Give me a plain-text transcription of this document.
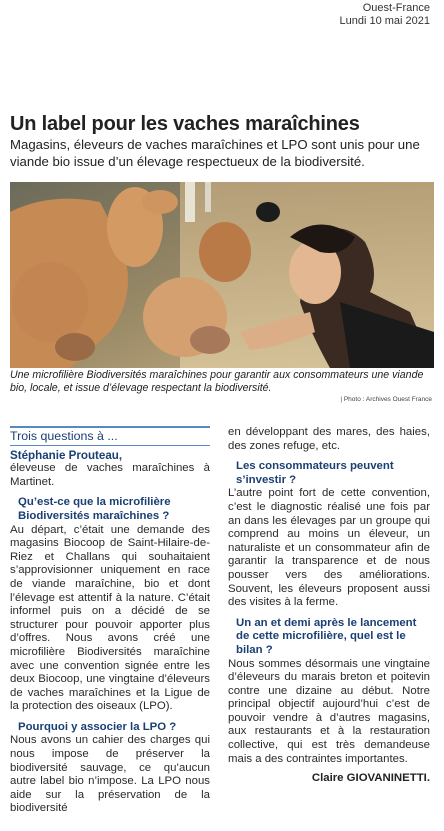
Ouest-France
Lundi 10 mai 2021
Un label pour les vaches maraîchines
Magasins, éleveurs de vaches maraîchines et LPO sont unis pour une viande bio issue d’un élevage respectueux de la biodiversité.
Une microfilière Biodiversités maraîchines pour garantir aux consommateurs une viande bio, locale, et issue d’élevage respectant la biodiversité.
| Photo : Archives Ouest France
Trois questions à ...
Stéphanie Prouteau,
éleveuse de vaches maraîchines à Martinet.
Qu’est-ce que la microfilière Biodiversités maraîchines ?
Au départ, c’était une demande des magasins Biocoop de Saint-Hilaire-de-Riez et Challans qui souhaitaient s’approvisionner uniquement en race de viande maraîchine, bio et dont l’élevage est attentif à la nature. C’était informel puis on a décidé de se structurer pour pouvoir apporter plus d’offres. Nous avons créé une microfilière Biodiversités maraîchine avec une convention signée entre les deux Biocoop, une vingtaine d’éleveurs de vaches maraîchines et la Ligue de la protection des oiseaux (LPO).
Pourquoi y associer la LPO ?
Nous avons un cahier des charges qui nous impose de préserver la biodiversité sauvage, ce qu’aucun autre label bio n’impose. La LPO nous aide sur la préservation de la biodiversité
en développant des mares, des haies, des zones refuge, etc.
Les consommateurs peuvent s’investir ?
L’autre point fort de cette convention, c’est le diagnostic réalisé une fois par an dans les élevages par un groupe qui comprend au moins un éleveur, un naturaliste et un consommateur afin de garantir la transparence et de nous pousser vers des améliorations. Souvent, les éleveurs proposent aussi des visites à la ferme.
Un an et demi après le lancement de cette microfilière, quel est le bilan ?
Nous sommes désormais une vingtaine d’éleveurs du marais breton et poitevin contre une dizaine au début. Notre principal objectif aujourd’hui c’est de pouvoir vendre à d’autres magasins, aux restaurants et à la restauration collective, qui est très demandeuse mais a des contraintes importantes.
Claire GIOVANINETTI.
